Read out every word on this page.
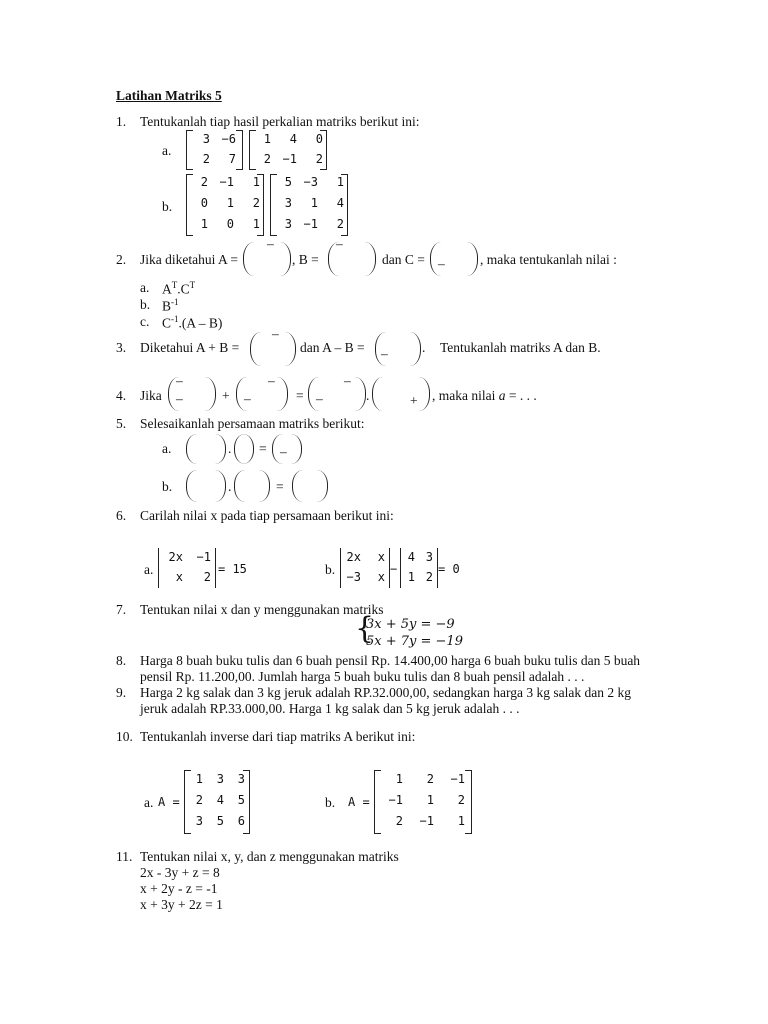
Latihan Matriks 5
1. Tentukanlah tiap hasil perkalian matriks berikut ini:
a.
3 −6
2	7
1	4	0
2 −1	2
b.
2 −1	1
0	1	2
1	0	1
5 −3	1
3	1	4
3 −1	2
2. Jika diketahui A =
–
, B =
–
dan C = –	, maka tentukanlah nilai :
a. $A^T.C^T$
b. $B^{-1}$
c. $C^{-1}.(A - B)$
3. Diketahui A + B =
–
dan A – B = –	. Tentukanlah matriks A dan B.
4. Jika
–
–	+
–
–	=
–
–	.	+ , maka nilai a = . . .
5. Selesaikanlah persamaan matriks berikut:
a.	. = –
b.	.	=
6. Carilah nilai x pada tiap persamaan berikut ini:
a.
2x	−1
x	2
= 15	b.
2x	x
−3	x
−
4 3
1 2
= 0
7. Tentukan nilai x dan y menggunakan matriks
{
3x + 5y = −9
5x + 7y = −19
8. Harga 8 buah buku tulis dan 6 buah pensil Rp. 14.400,00 harga 6 buah buku tulis dan 5 buah
pensil Rp. 11.200,00. Jumlah harga 5 buah buku tulis dan 8 buah pensil adalah . . .
9. Harga 2 kg salak dan 3 kg jeruk adalah RP.32.000,00, sedangkan harga 3 kg salak dan 2 kg
jeruk adalah RP.33.000,00. Harga 1 kg salak dan 5 kg jeruk adalah . . .
10. Tentukanlah inverse dari tiap matriks A berikut ini:
a. A =
1	3	3
2	4	5
3	5	6
b. A =
1	2	−1
−1	1	2
2	−1	1
11. Tentukan nilai x, y, dan z menggunakan matriks
2x - 3y + z = 8
x + 2y - z = -1
x + 3y + 2z = 1
